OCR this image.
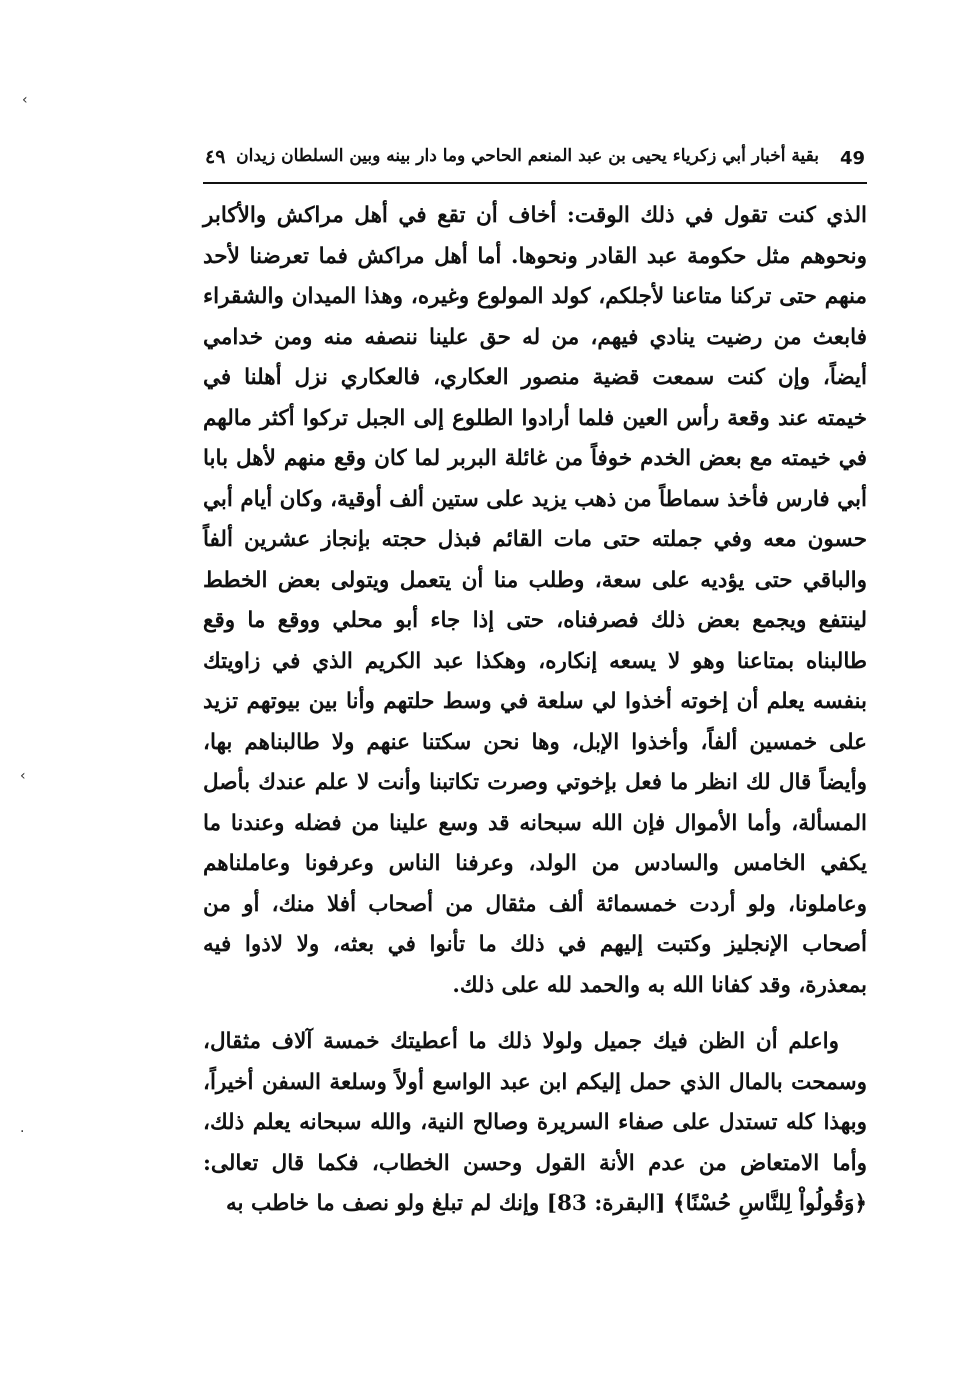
49
بقية أخبار أبي زكرياء يحيى بن عبد المنعم الحاحي وما دار بينه وبين السلطان زيدان
٤٩

الذي كنت تقول في ذلك الوقت: أخاف أن تقع في أهل مراكش والأكابر ونحوهم مثل حكومة عبد القادر ونحوها. أما أهل مراكش فما تعرضنا لأحد منهم حتى تركنا متاعنا لأجلكم، كولد المولوع وغيره، وهذا الميدان والشقراء فابعث من رضيت ينادي فيهم، من له حق علينا ننصفه منه ومن خدامي أيضاً، وإن كنت سمعت قضية منصور العكاري، فالعكاري نزل أهلنا في خيمته عند وقعة رأس العين فلما أرادوا الطلوع إلى الجبل تركوا أكثر مالهم في خيمته مع بعض الخدم خوفاً من غائلة البربر لما كان وقع منهم لأهل بابا أبي فارس فأخذ سماطاً من ذهب يزيد على ستين ألف أوقية، وكان أيام أبي حسون معه وفي جملته حتى مات القائم فبذل حجته بإنجاز عشرين ألفاً والباقي حتى يؤديه على سعة، وطلب منا أن يتعمل ويتولى بعض الخطط لينتفع ويجمع بعض ذلك فصرفناه، حتى إذا جاء أبو محلي ووقع ما وقع طالبناه بمتاعنا وهو لا يسعه إنكاره، وهكذا عبد الكريم الذي في زاويتك بنفسه يعلم أن إخوته أخذوا لي سلعة في وسط حلتهم وأنا بين بيوتهم تزيد على خمسين ألفاً، وأخذوا الإبل، وها نحن سكتنا عنهم ولا طالبناهم بها، وأيضاً قال لك انظر ما فعل بإخوتي وصرت تكاتبنا وأنت لا علم عندك بأصل المسألة، وأما الأموال فإن الله سبحانه قد وسع علينا من فضله وعندنا ما يكفي الخامس والسادس من الولد، وعرفنا الناس وعرفونا وعاملناهم وعاملونا، ولو أردت خمسمائة ألف مثقال من أصحاب أفلا منك، أو من أصحاب الإنجليز وكتبت إليهم في ذلك ما تأنوا في بعثه، ولا لاذوا فيه بمعذرة، وقد كفانا الله به والحمد لله على ذلك.

واعلم أن الظن فيك جميل ولولا ذلك ما أعطيتك خمسة آلاف مثقال، وسمحت بالمال الذي حمل إليكم ابن عبد الواسع أولاً وسلعة السفن أخيراً، وبهذا كله تستدل على صفاء السريرة وصالح النية، والله سبحانه يعلم ذلك، وأما الامتعاض من عدم الأنة القول وحسن الخطاب، فكما قال تعالى: ﴿وَقُولُواْ لِلنَّاسِ حُسْنًا﴾ [البقرة: 83] وإنك لم تبلغ ولو نصف ما خاطب به

‹
‹
·
